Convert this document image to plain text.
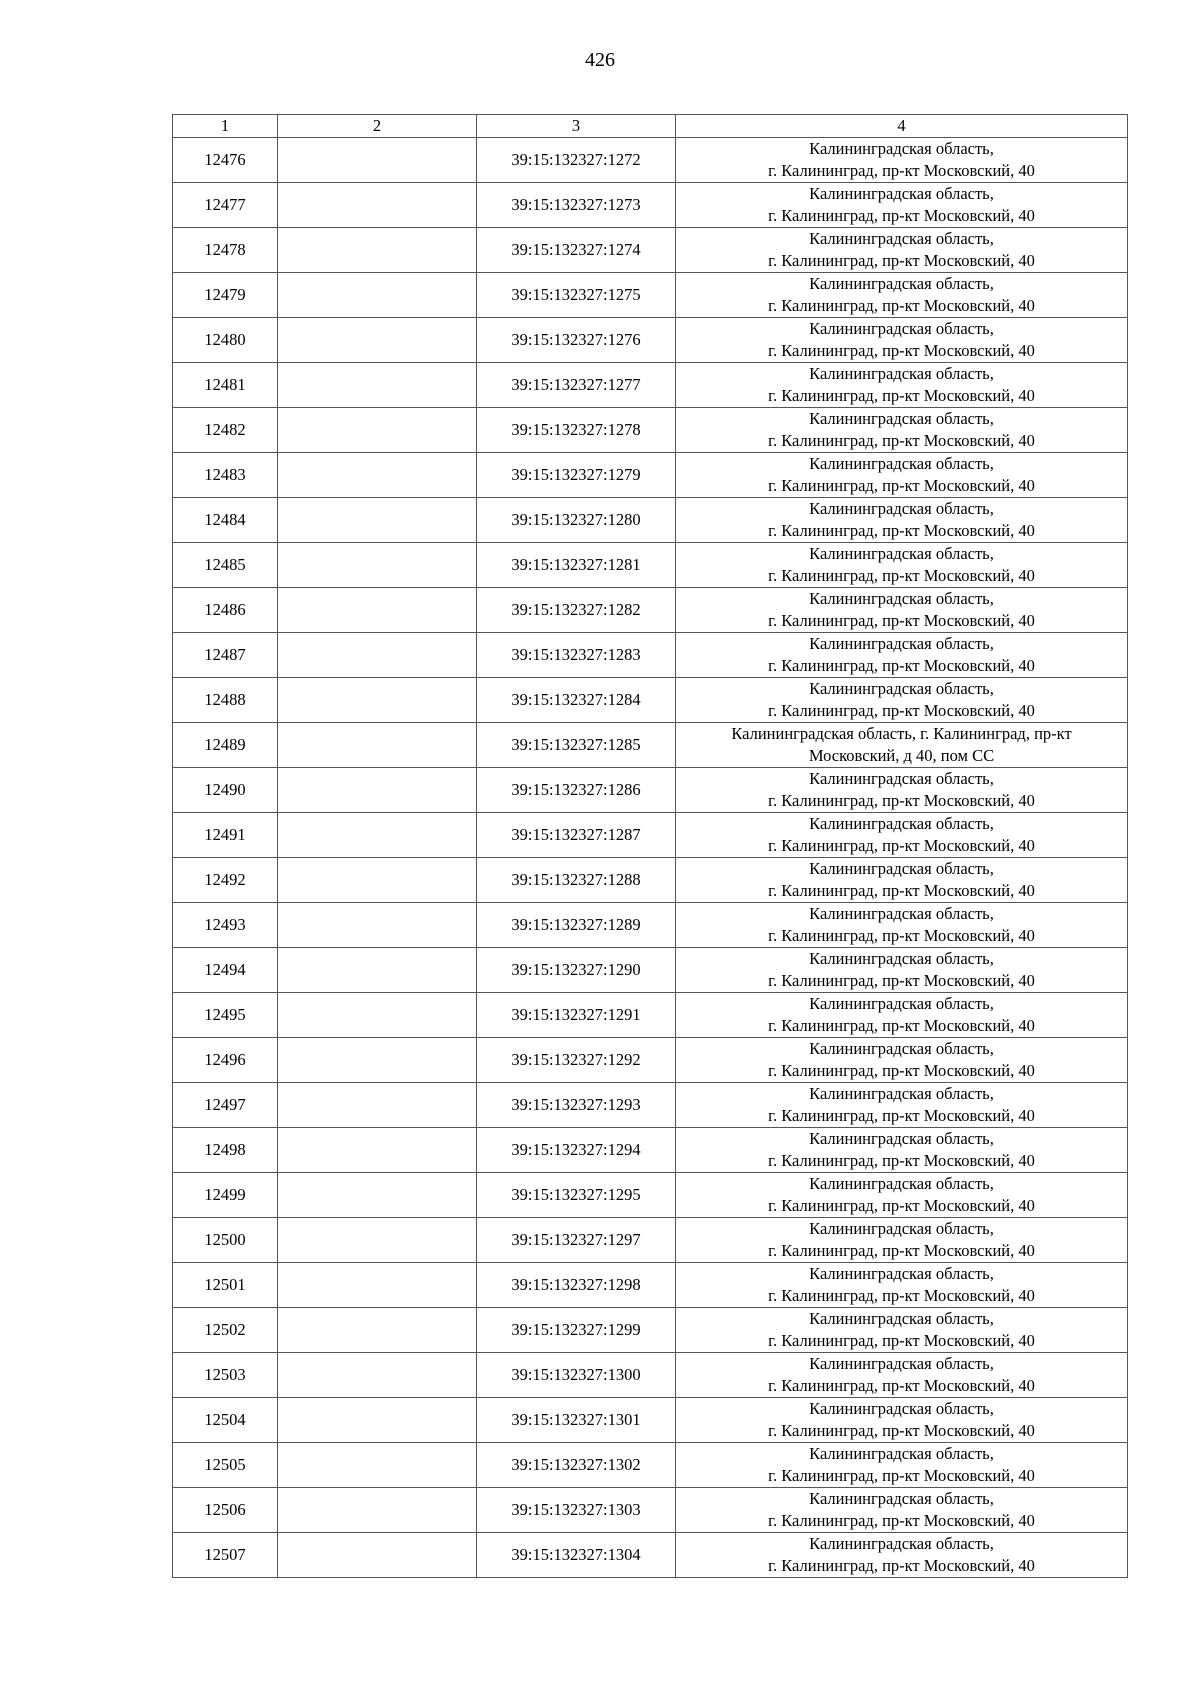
426
1	2	3	4
12476		39:15:132327:1272	Калининградская область,
г. Калининград, пр-кт Московский, 40

12477		39:15:132327:1273	Калининградская область,
г. Калининград, пр-кт Московский, 40

12478		39:15:132327:1274	Калининградская область,
г. Калининград, пр-кт Московский, 40

12479		39:15:132327:1275	Калининградская область,
г. Калининград, пр-кт Московский, 40

12480		39:15:132327:1276	Калининградская область,
г. Калининград, пр-кт Московский, 40

12481		39:15:132327:1277	Калининградская область,
г. Калининград, пр-кт Московский, 40

12482		39:15:132327:1278	Калининградская область,
г. Калининград, пр-кт Московский, 40

12483		39:15:132327:1279	Калининградская область,
г. Калининград, пр-кт Московский, 40

12484		39:15:132327:1280	Калининградская область,
г. Калининград, пр-кт Московский, 40

12485		39:15:132327:1281	Калининградская область,
г. Калининград, пр-кт Московский, 40

12486		39:15:132327:1282	Калининградская область,
г. Калининград, пр-кт Московский, 40

12487		39:15:132327:1283	Калининградская область,
г. Калининград, пр-кт Московский, 40

12488		39:15:132327:1284	Калининградская область,
г. Калининград, пр-кт Московский, 40

12489		39:15:132327:1285	Калининградская область, г. Калининград, пр-кт
Московский, д 40, пом СС

12490		39:15:132327:1286	Калининградская область,
г. Калининград, пр-кт Московский, 40

12491		39:15:132327:1287	Калининградская область,
г. Калининград, пр-кт Московский, 40

12492		39:15:132327:1288	Калининградская область,
г. Калининград, пр-кт Московский, 40

12493		39:15:132327:1289	Калининградская область,
г. Калининград, пр-кт Московский, 40

12494		39:15:132327:1290	Калининградская область,
г. Калининград, пр-кт Московский, 40

12495		39:15:132327:1291	Калининградская область,
г. Калининград, пр-кт Московский, 40

12496		39:15:132327:1292	Калининградская область,
г. Калининград, пр-кт Московский, 40

12497		39:15:132327:1293	Калининградская область,
г. Калининград, пр-кт Московский, 40

12498		39:15:132327:1294	Калининградская область,
г. Калининград, пр-кт Московский, 40

12499		39:15:132327:1295	Калининградская область,
г. Калининград, пр-кт Московский, 40

12500		39:15:132327:1297	Калининградская область,
г. Калининград, пр-кт Московский, 40

12501		39:15:132327:1298	Калининградская область,
г. Калининград, пр-кт Московский, 40

12502		39:15:132327:1299	Калининградская область,
г. Калининград, пр-кт Московский, 40

12503		39:15:132327:1300	Калининградская область,
г. Калининград, пр-кт Московский, 40

12504		39:15:132327:1301	Калининградская область,
г. Калининград, пр-кт Московский, 40

12505		39:15:132327:1302	Калининградская область,
г. Калининград, пр-кт Московский, 40

12506		39:15:132327:1303	Калининградская область,
г. Калининград, пр-кт Московский, 40

12507		39:15:132327:1304	Калининградская область,
г. Калининград, пр-кт Московский, 40
